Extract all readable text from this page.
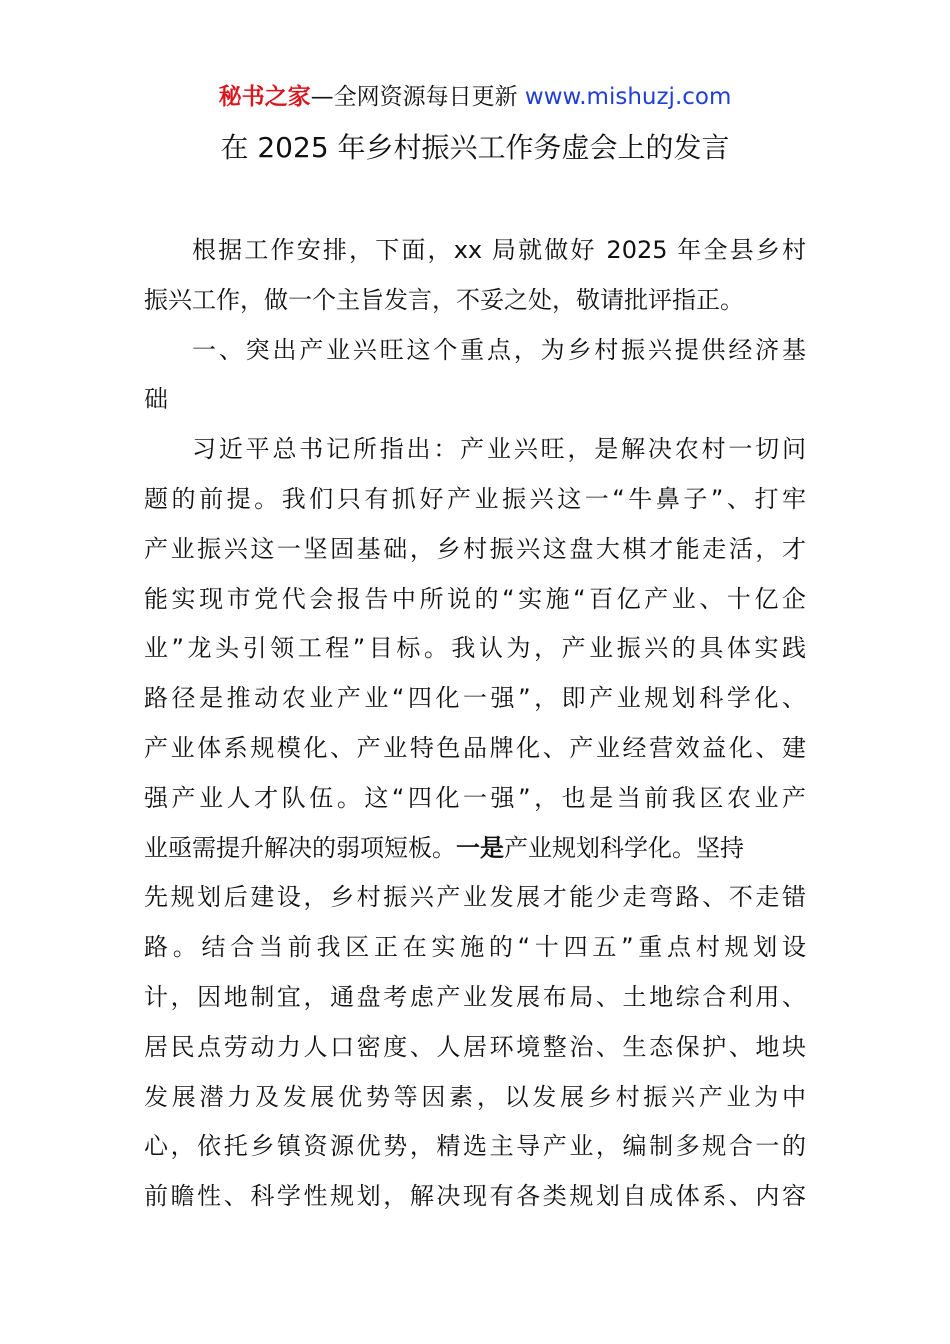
秘书之家—全网资源每日更新 www.mishuzj.com
在 2025 年乡村振兴工作务虚会上的发言
根据工作安排，下面，xx 局就做好 2025 年全县乡村
振兴工作，做一个主旨发言，不妥之处，敬请批评指正。
一、突出产业兴旺这个重点，为乡村振兴提供经济基
础
习近平总书记所指出：产业兴旺，是解决农村一切问
题的前提。我们只有抓好产业振兴这一“牛鼻子”、打牢
产业振兴这一坚固基础，乡村振兴这盘大棋才能走活，才
能实现市党代会报告中所说的“实施“百亿产业、十亿企
业”龙头引领工程”目标。我认为，产业振兴的具体实践
路径是推动农业产业“四化一强”，即产业规划科学化、
产业体系规模化、产业特色品牌化、产业经营效益化、建
强产业人才队伍。这“四化一强”，也是当前我区农业产
业亟需提升解决的弱项短板。一是产业规划科学化。坚持
先规划后建设，乡村振兴产业发展才能少走弯路、不走错
路。结合当前我区正在实施的“十四五”重点村规划设
计，因地制宜，通盘考虑产业发展布局、土地综合利用、
居民点劳动力人口密度、人居环境整治、生态保护、地块
发展潜力及发展优势等因素，以发展乡村振兴产业为中
心，依托乡镇资源优势，精选主导产业，编制多规合一的
前瞻性、科学性规划，解决现有各类规划自成体系、内容
